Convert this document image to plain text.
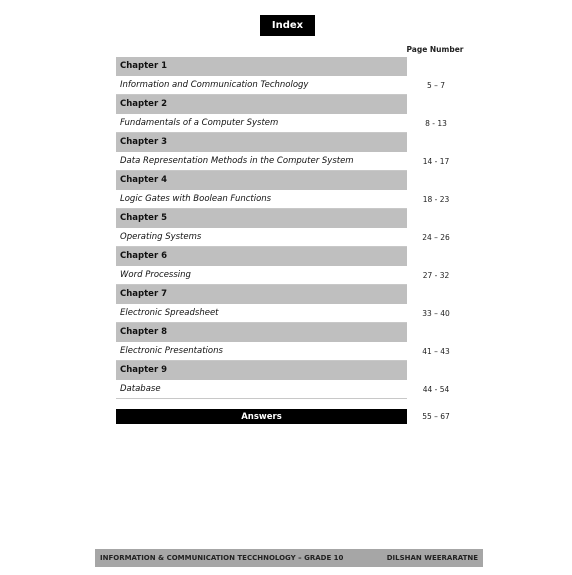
Index
Page Number
Chapter 1
Information and Communication Technology	5 – 7
Chapter 2
Fundamentals of a Computer System	8 - 13
Chapter 3
Data Representation Methods in the Computer System	14 - 17
Chapter 4
Logic Gates with Boolean Functions	18 - 23
Chapter 5
Operating Systems	24 – 26
Chapter 6
Word Processing	27 - 32
Chapter 7
Electronic Spreadsheet	33 – 40
Chapter 8
Electronic Presentations	41 – 43
Chapter 9
Database	44 - 54
Answers	55 – 67
INFORMATION & COMMUNICATION TECCHNOLOGY – GRADE 10	DILSHAN WEERARATNE
